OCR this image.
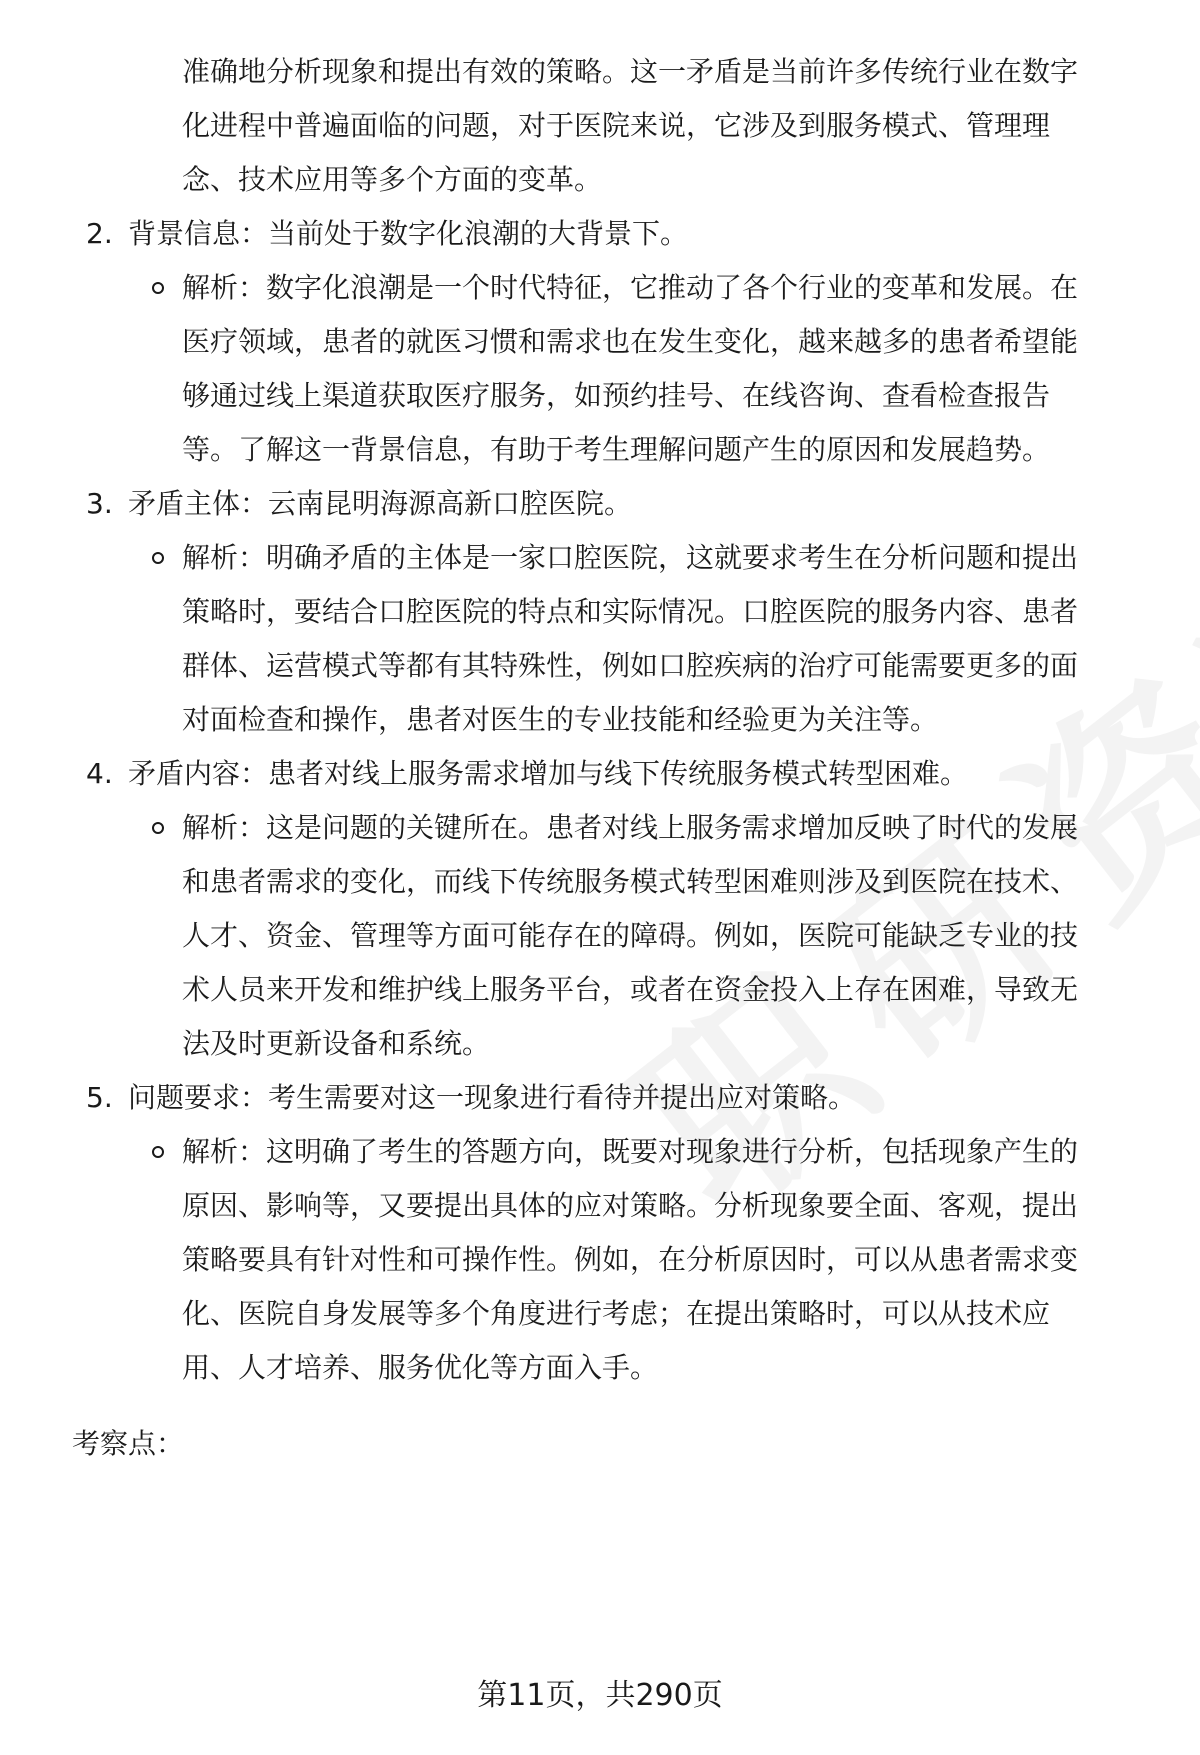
准确地分析现象和提出有效的策略。这一矛盾是当前许多传统行业在数字
化进程中普遍面临的问题，对于医院来说，它涉及到服务模式、管理理
念、技术应用等多个方面的变革。
2. 背景信息：当前处于数字化浪潮的大背景下。
解析：数字化浪潮是一个时代特征，它推动了各个行业的变革和发展。在
医疗领域，患者的就医习惯和需求也在发生变化，越来越多的患者希望能
够通过线上渠道获取医疗服务，如预约挂号、在线咨询、查看检查报告
等。了解这一背景信息，有助于考生理解问题产生的原因和发展趋势。
3. 矛盾主体：云南昆明海源高新口腔医院。
解析：明确矛盾的主体是一家口腔医院，这就要求考生在分析问题和提出
策略时，要结合口腔医院的特点和实际情况。口腔医院的服务内容、患者
群体、运营模式等都有其特殊性，例如口腔疾病的治疗可能需要更多的面
对面检查和操作，患者对医生的专业技能和经验更为关注等。
4. 矛盾内容：患者对线上服务需求增加与线下传统服务模式转型困难。
解析：这是问题的关键所在。患者对线上服务需求增加反映了时代的发展
和患者需求的变化，而线下传统服务模式转型困难则涉及到医院在技术、
人才、资金、管理等方面可能存在的障碍。例如，医院可能缺乏专业的技
术人员来开发和维护线上服务平台，或者在资金投入上存在困难，导致无
法及时更新设备和系统。
5. 问题要求：考生需要对这一现象进行看待并提出应对策略。
解析：这明确了考生的答题方向，既要对现象进行分析，包括现象产生的
原因、影响等，又要提出具体的应对策略。分析现象要全面、客观，提出
策略要具有针对性和可操作性。例如，在分析原因时，可以从患者需求变
化、医院自身发展等多个角度进行考虑；在提出策略时，可以从技术应
用、人才培养、服务优化等方面入手。
考察点：
第11页，共290页
